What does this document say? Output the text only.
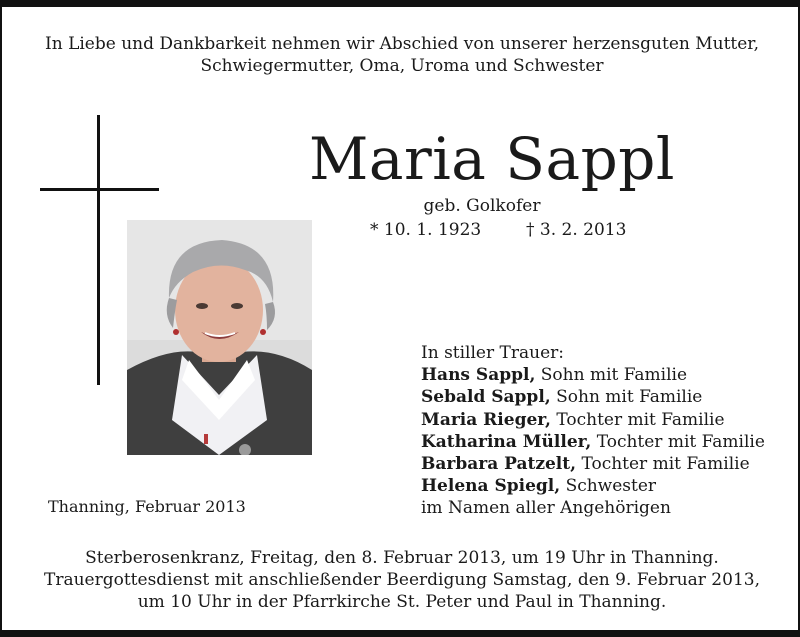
In Liebe und Dankbarkeit nehmen wir Abschied von unserer herzensguten Mutter,
Schwiegermutter, Oma, Uroma und Schwester
Maria Sappl
geb. Golkofer
* 10. 1. 1923	† 3. 2. 2013
Thanning, Februar 2013
In stiller Trauer:
Hans Sappl, Sohn mit Familie
Sebald Sappl, Sohn mit Familie
Maria Rieger, Tochter mit Familie
Katharina Müller, Tochter mit Familie
Barbara Patzelt, Tochter mit Familie
Helena Spiegl, Schwester
im Namen aller Angehörigen
Sterberosenkranz, Freitag, den 8. Februar 2013, um 19 Uhr in Thanning.
Trauergottesdienst mit anschließender Beerdigung Samstag, den 9. Februar 2013,
um 10 Uhr in der Pfarrkirche St. Peter und Paul in Thanning.
